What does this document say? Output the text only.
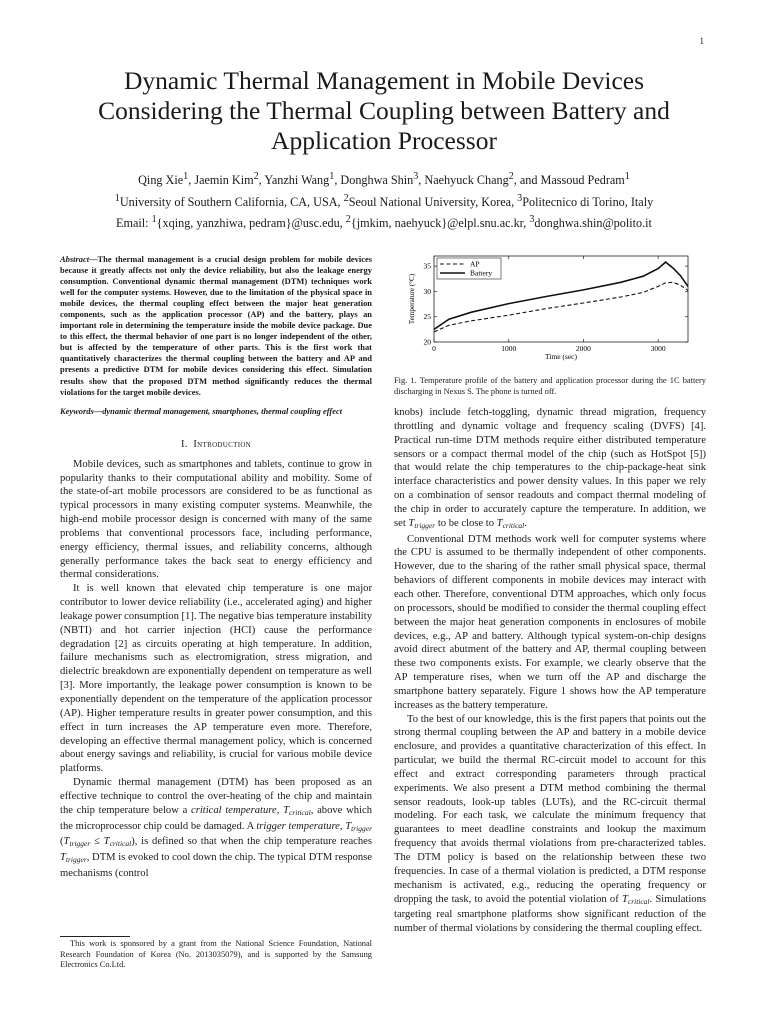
1
Dynamic Thermal Management in Mobile Devices
Considering the Thermal Coupling between Battery and
Application Processor
Qing Xie$^1$, Jaemin Kim$^2$, Yanzhi Wang$^1$, Donghwa Shin$^3$, Naehyuck Chang$^2$, and Massoud Pedram$^1$
$^1$University of Southern California, CA, USA, $^2$Seoul National University, Korea, $^3$Politecnico di Torino, Italy
Email: $^1${xqing, yanzhiwa, pedram}@usc.edu, $^2${jmkim, naehyuck}@elpl.snu.ac.kr, $^3$donghwa.shin@polito.it
Abstract—The thermal management is a crucial design problem for mobile devices because it greatly affects not only the device reliability, but also the leakage energy consumption. Conventional dynamic thermal management (DTM) techniques work well for the computer systems. However, due to the limitation of the physical space in mobile devices, the thermal coupling effect between the major heat generation components, such as the application processor (AP) and the battery, plays an important role in determining the temperature inside the mobile device package. Due to this effect, the thermal behavior of one part is no longer independent of the other, but is affected by the temperature of other parts. This is the first work that quantitatively characterizes the thermal coupling between the battery and AP and presents a predictive DTM for mobile devices considering this effect. Simulation results show that the proposed DTM method significantly reduces the thermal violations for the target mobile devices.
Keywords—dynamic thermal management, smartphones, thermal coupling effect
I. Introduction

Mobile devices, such as smartphones and tablets, continue to grow in popularity thanks to their computational ability and mobility. Some of the state-of-art mobile processors are considered to be as functional as typical processors in many existing computer systems. Meanwhile, the high-end mobile processor design is concerned with many of the same problems that conventional processors face, including performance, energy efficiency, thermal issues, and reliability concerns, although generally performance takes the back seat to energy efficiency and thermal considerations.

It is well known that elevated chip temperature is one major contributor to lower device reliability (i.e., accelerated aging) and higher leakage power consumption [1]. The negative bias temperature instability (NBTI) and hot carrier injection (HCI) cause the performance degradation [2] as circuits operating at high temperature. In addition, failure mechanisms such as electromigration, stress migration, and dielectric breakdown are exponentially dependent on temperature as well [3]. More importantly, the leakage power consumption is known to be exponentially dependent on the temperature of the application processor (AP). Higher temperature results in greater power consumption, and this effect in turn increases the AP temperature even more. Therefore, developing an effective thermal management policy, which is concerned about energy savings and reliability, is crucial for various mobile device platforms.

Dynamic thermal management (DTM) has been proposed as an effective technique to control the over-heating of the chip and maintain the chip temperature below a critical temperature, $T_{critical}$, above which the microprocessor chip could be damaged. A trigger temperature, $T_{trigger}$ $(T_{trigger} \le T_{critical})$, is defined so that when the chip temperature reaches $T_{trigger}$, DTM is evoked to cool down the chip. The typical DTM response mechanisms (control

This work is sponsored by a grant from the National Science Foundation, National Research Foundation of Korea (No. 2013035079), and is supported by the Samsung Electronics Co.Ltd.
0	1000	2000	3000
20
25
30
35
Time (sec)
Temperature (°C)
AP
Battery
Fig. 1. Temperature profile of the battery and application processor during the 1C battery discharging in Nexus S. The phone is turned off.

knobs) include fetch-toggling, dynamic thread migration, frequency throttling and dynamic voltage and frequency scaling (DVFS) [4]. Practical run-time DTM methods require either distributed temperature sensors or a compact thermal model of the chip (such as HotSpot [5]) that would relate the chip temperatures to the chip-package-heat sink interface characteristics and power density values. In this paper we rely on a combination of sensor readouts and compact thermal modeling of the chip in order to accurately capture the temperature. In addition, we set $T_{trigger}$ to be close to $T_{critical}$.

Conventional DTM methods work well for computer systems where the CPU is assumed to be thermally independent of other components. However, due to the sharing of the rather small physical space, thermal behaviors of different components in mobile devices may interact with each other. Therefore, conventional DTM approaches, which only focus on processors, should be modified to consider the thermal coupling effect between the major heat generation components in enclosures of mobile devices, e.g., AP and battery. Although typical system-on-chip designs avoid direct abutment of the battery and AP, thermal coupling between these two components exists. For example, we clearly observe that the AP temperature rises, when we turn off the AP and discharge the smartphone battery separately. Figure 1 shows how the AP temperature increases as the battery temperature.

To the best of our knowledge, this is the first papers that points out the strong thermal coupling between the AP and battery in a mobile device enclosure, and provides a quantitative characterization of this effect. In particular, we build the thermal RC-circuit model to account for this effect and extract corresponding parameters through practical experiments. We also present a DTM method combining the thermal sensor readouts, look-up tables (LUTs), and the RC-circuit thermal modeling. For each task, we calculate the minimum frequency that guarantees to meet deadline constraints and lookup the maximum frequency that avoids thermal violations from pre-characterized tables. The DTM policy is based on the relationship between these two frequencies. In case of a thermal violation is predicted, a DTM response mechanism is activated, e.g., reducing the operating frequency or dropping the task, to avoid the potential violation of $T_{critical}$. Simulations targeting real smartphone platforms show significant reduction of the number of thermal violations by considering the thermal coupling effect.
